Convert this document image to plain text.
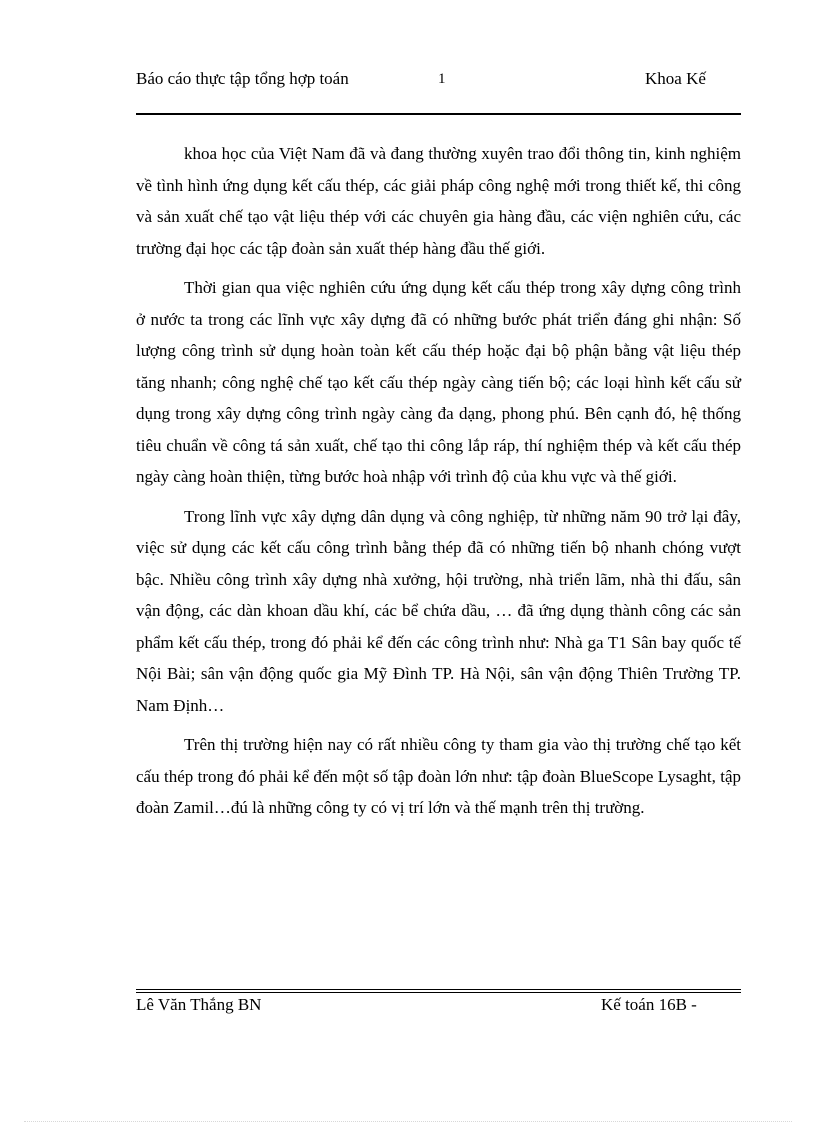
Báo cáo thực tập tổng hợp toán	1	Khoa Kế

khoa học của Việt Nam đã và đang thường xuyên trao đổi thông tin, kinh nghiệm về tình hình ứng dụng kết cấu thép, các giải pháp công nghệ mới trong thiết kế, thi công và sản xuất chế tạo vật liệu thép với các chuyên gia hàng đầu, các viện nghiên cứu, các trường đại học các tập đoàn sản xuất thép hàng đầu thế giới.

Thời gian qua việc nghiên cứu ứng dụng kết cấu thép trong xây dựng công trình ở nước ta trong các lĩnh vực xây dựng đã có những bước phát triển đáng ghi nhận: Số lượng công trình sử dụng hoàn toàn kết cấu thép hoặc đại bộ phận bằng vật liệu thép tăng nhanh; công nghệ chế tạo kết cấu thép ngày càng tiến bộ; các loại hình kết cấu sử dụng trong xây dựng công trình ngày càng đa dạng, phong phú. Bên cạnh đó, hệ thống tiêu chuẩn về công tá sản xuất, chế tạo thi công lắp ráp, thí nghiệm thép và kết cấu thép ngày càng hoàn thiện, từng bước hoà nhập với trình độ của khu vực và thế giới.

Trong lĩnh vực xây dựng dân dụng và công nghiệp, từ những năm 90 trở lại đây, việc sử dụng các kết cấu công trình bằng thép đã có những tiến bộ nhanh chóng vượt bậc. Nhiều công trình xây dựng nhà xưởng, hội trường, nhà triển lãm, nhà thi đấu, sân vận động, các dàn khoan dầu khí, các bể chứa dầu, … đã ứng dụng thành công các sản phẩm kết cấu thép, trong đó phải kể đến các công trình như: Nhà ga T1 Sân bay quốc tế Nội Bài; sân vận động quốc gia Mỹ Đình TP. Hà Nội, sân vận động Thiên Trường TP. Nam Định…

Trên thị trường hiện nay có rất nhiều công ty tham gia vào thị trường chế tạo kết cấu thép trong đó phải kể đến một số tập đoàn lớn như: tập đoàn BlueScope Lysaght, tập đoàn Zamil…đú là những công ty có vị trí lớn và thế mạnh trên thị trường.

Lê Văn Thắng BN	Kế toán 16B -
